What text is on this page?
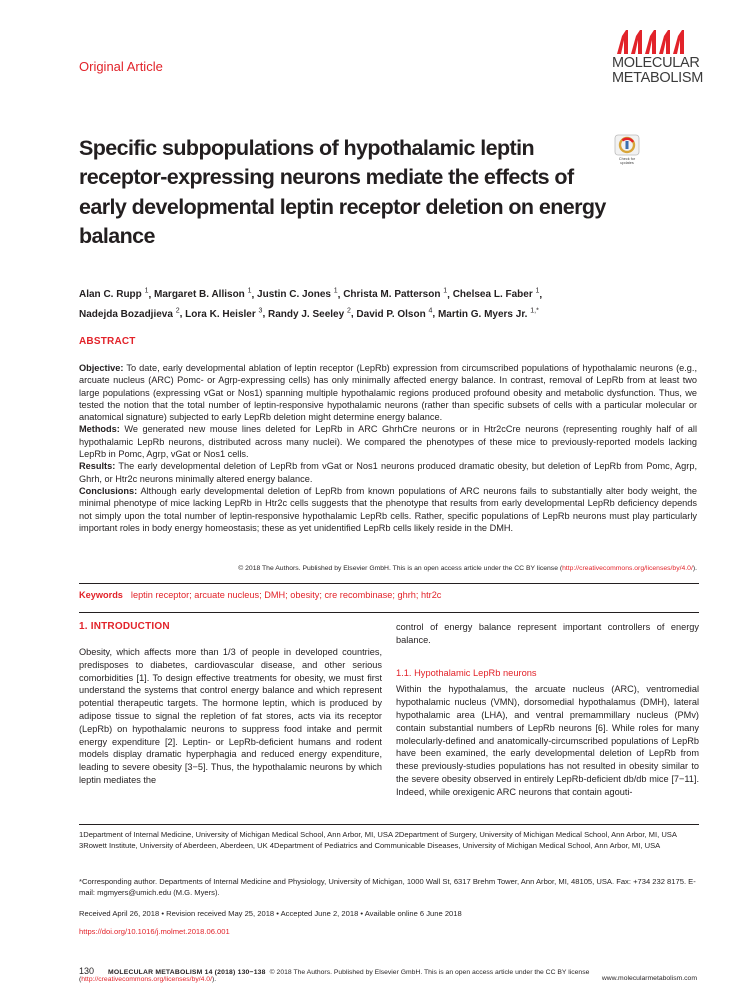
MOLECULAR
METABOLISM
Original Article
Specific subpopulations of hypothalamic leptin receptor-expressing neurons mediate the effects of early developmental leptin receptor deletion on energy balance
Check for updates
Alan C. Rupp $^1$, Margaret B. Allison $^1$, Justin C. Jones $^1$, Christa M. Patterson $^1$, Chelsea L. Faber $^1$,
Nadejda Bozadjieva $^2$, Lora K. Heisler $^3$, Randy J. Seeley $^2$, David P. Olson $^4$, Martin G. Myers Jr. $^{1,*}$
ABSTRACT

Objective: To date, early developmental ablation of leptin receptor (LepRb) expression from circumscribed populations of hypothalamic neurons (e.g., arcuate nucleus (ARC) Pomc- or Agrp-expressing cells) has only minimally affected energy balance. In contrast, removal of LepRb from at least two large populations (expressing vGat or Nos1) spanning multiple hypothalamic regions produced profound obesity and metabolic dysfunction. Thus, we tested the notion that the total number of leptin-responsive hypothalamic neurons (rather than specific subsets of cells with a particular molecular or anatomical signature) subjected to early LepRb deletion might determine energy balance.

Methods: We generated new mouse lines deleted for LepRb in ARC GhrhCre neurons or in Htr2cCre neurons (representing roughly half of all hypothalamic LepRb neurons, distributed across many nuclei). We compared the phenotypes of these mice to previously-reported models lacking LepRb in Pomc, Agrp, vGat or Nos1 cells.

Results: The early developmental deletion of LepRb from vGat or Nos1 neurons produced dramatic obesity, but deletion of LepRb from Pomc, Agrp, Ghrh, or Htr2c neurons minimally altered energy balance.

Conclusions: Although early developmental deletion of LepRb from known populations of ARC neurons fails to substantially alter body weight, the minimal phenotype of mice lacking LepRb in Htr2c cells suggests that the phenotype that results from early developmental LepRb deficiency depends not simply upon the total number of leptin-responsive hypothalamic LepRb cells. Rather, specific populations of LepRb neurons must play particularly important roles in body energy homeostasis; these as yet unidentified LepRb cells likely reside in the DMH.

© 2018 The Authors. Published by Elsevier GmbH. This is an open access article under the CC BY license (http://creativecommons.org/licenses/by/4.0/).
Keywords leptin receptor; arcuate nucleus; DMH; obesity; cre recombinase; ghrh; htr2c
1. INTRODUCTION

Obesity, which affects more than 1/3 of people in developed countries, predisposes to diabetes, cardiovascular disease, and other serious comorbidities [1]. To design effective treatments for obesity, we must first understand the systems that control energy balance and which represent potential therapeutic targets. The hormone leptin, which is produced by adipose tissue to signal the repletion of fat stores, acts via its receptor (LepRb) on hypothalamic neurons to suppress food intake and permit energy expenditure [2]. Leptin- or LepRb-deficient humans and rodent models display dramatic hyperphagia and reduced energy expenditure, leading to severe obesity [3−5]. Thus, the hypothalamic neurons by which leptin mediates the

control of energy balance represent important controllers of energy balance.

1.1. Hypothalamic LepRb neurons

Within the hypothalamus, the arcuate nucleus (ARC), ventromedial hypothalamic nucleus (VMN), dorsomedial hypothalamus (DMH), lateral hypothalamic area (LHA), and ventral premammillary nucleus (PMv) contain substantial numbers of LepRb neurons [6]. While roles for many molecularly-defined and anatomically-circumscribed populations of LepRb have been examined, the early developmental deletion of LepRb from these previously-studies populations has not resulted in obesity similar to the severe obesity observed in entirely LepRb-deficient db/db mice [7−11]. Indeed, while orexigenic ARC neurons that contain agouti-

1Department of Internal Medicine, University of Michigan Medical School, Ann Arbor, MI, USA 2Department of Surgery, University of Michigan Medical School, Ann Arbor, MI, USA 3Rowett Institute, University of Aberdeen, Aberdeen, UK 4Department of Pediatrics and Communicable Diseases, University of Michigan Medical School, Ann Arbor, MI, USA
*Corresponding author. Departments of Internal Medicine and Physiology, University of Michigan, 1000 Wall St, 6317 Brehm Tower, Ann Arbor, MI, 48105, USA. Fax: +734 232 8175. E-mail: mgmyers@umich.edu (M.G. Myers).
Received April 26, 2018 • Revision received May 25, 2018 • Accepted June 2, 2018 • Available online 6 June 2018
https://doi.org/10.1016/j.molmet.2018.06.001
130 MOLECULAR METABOLISM 14 (2018) 130−138 © 2018 The Authors. Published by Elsevier GmbH. This is an open access article under the CC BY license (http://creativecommons.org/licenses/by/4.0/).	www.molecularmetabolism.com
